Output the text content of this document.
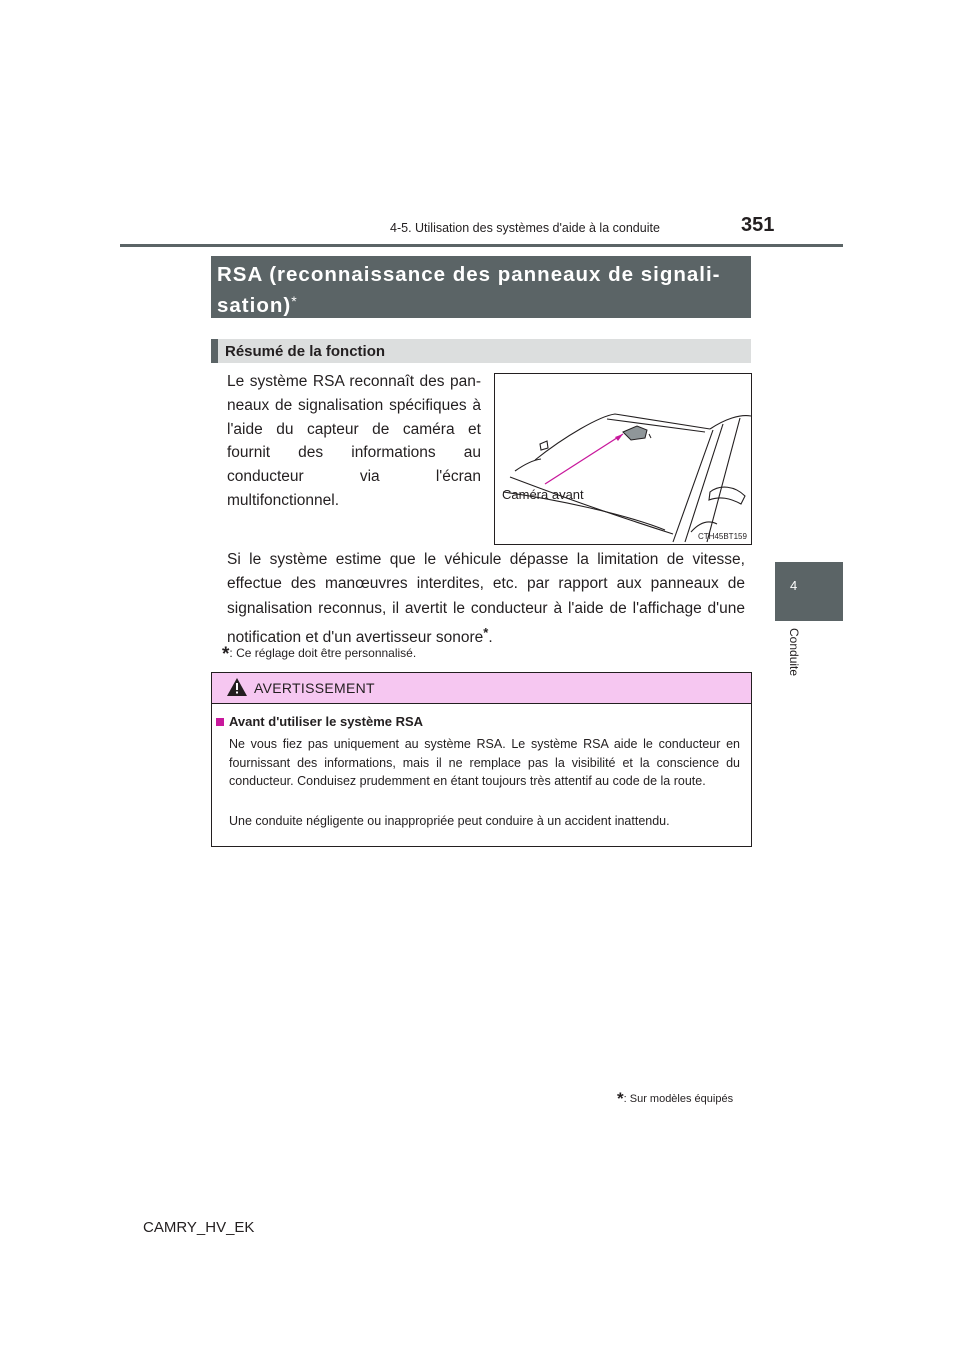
4-5. Utilisation des systèmes d'aide à la conduite	351
4
Conduite
RSA (reconnaissance des panneaux de signali-sation)*
Résumé de la fonction
Le système RSA reconnaît des pan-neaux de signalisation spécifiques à l'aide du capteur de caméra et fournit des informations au conducteur via l'écran multifonctionnel.	Caméra avant
CTH45BT159
Si le système estime que le véhicule dépasse la limitation de vitesse, effectue des manœuvres interdites, etc. par rapport aux panneaux de signalisation reconnus, il avertit le conducteur à l'aide de l'affichage d'une notification et d'un avertisseur sonore*.
*: Ce réglage doit être personnalisé.
AVERTISSEMENT
Avant d'utiliser le système RSA
Ne vous fiez pas uniquement au système RSA. Le système RSA aide le conducteur en fournissant des informations, mais il ne remplace pas la visibilité et la conscience du conducteur. Conduisez prudemment en étant toujours très attentif au code de la route.
Une conduite négligente ou inappropriée peut conduire à un accident inattendu.
*: Sur modèles équipés
CAMRY_HV_EK
